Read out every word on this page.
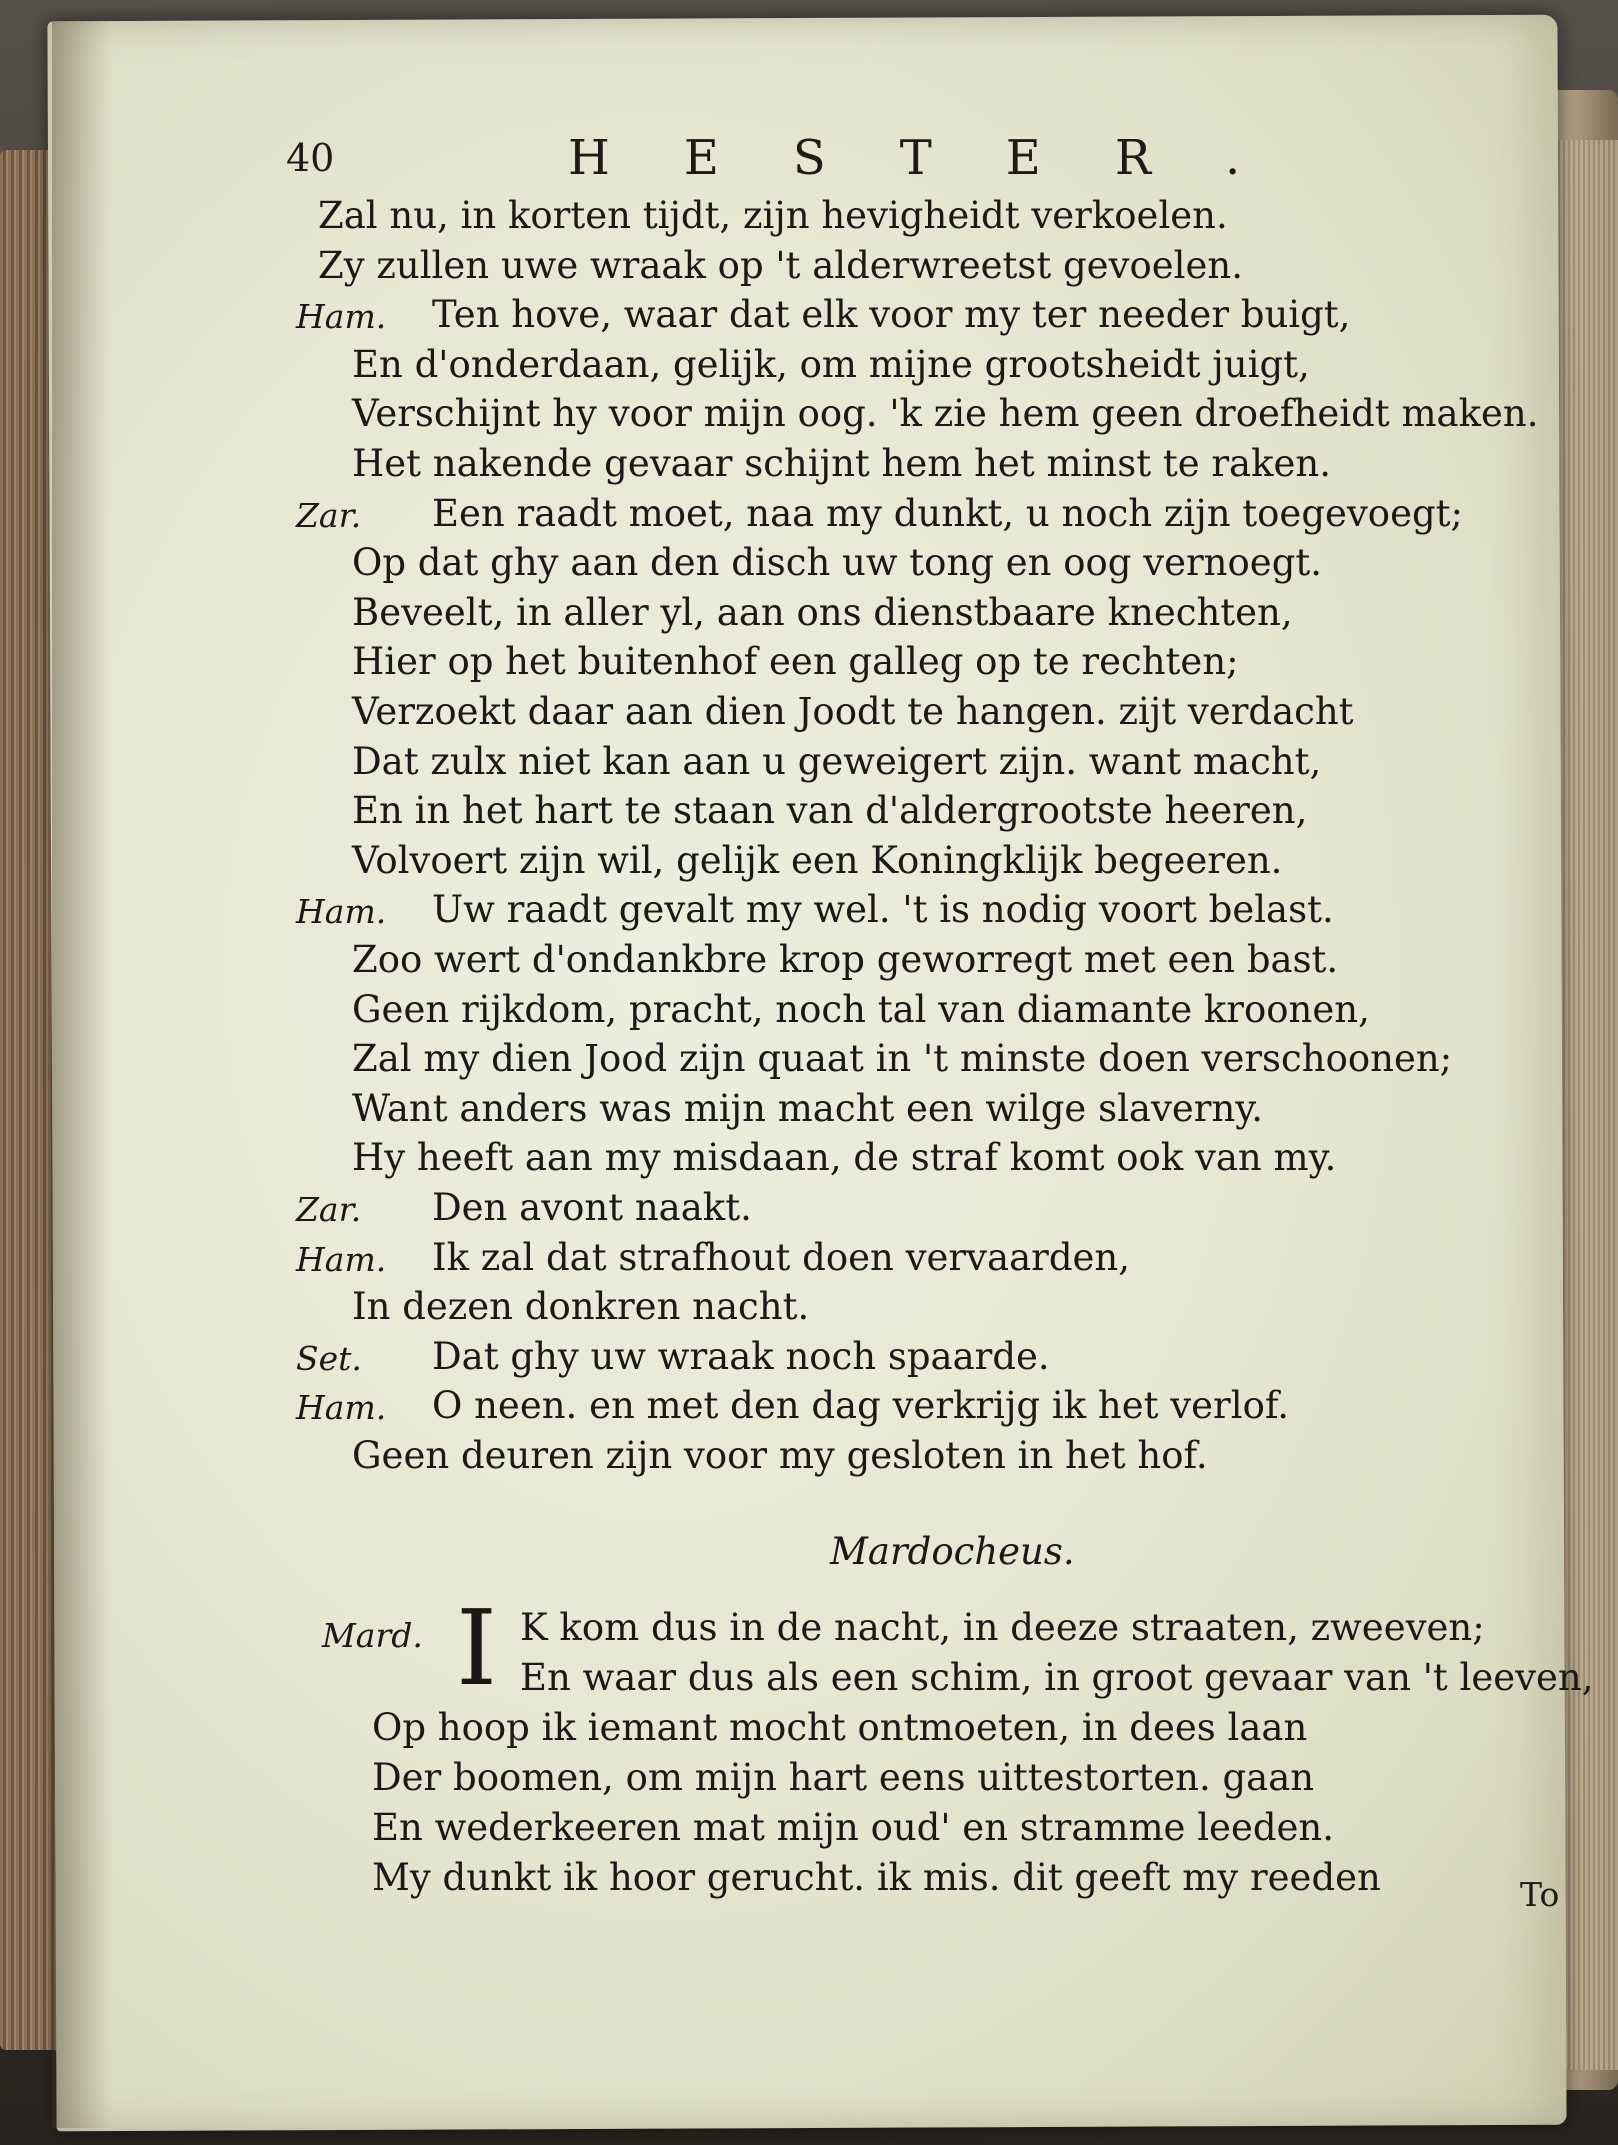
40	HESTER.
Zal nu, in korten tijdt, zijn hevigheidt verkoelen.
Zy zullen uwe wraak op 't alderwreetst gevoelen.
Ham. Ten hove, waar dat elk voor my ter needer buigt,
En d'onderdaan, gelijk, om mijne grootsheidt juigt,
Verschijnt hy voor mijn oog. 'k zie hem geen droefheidt maken.
Het nakende gevaar schijnt hem het minst te raken.
Zar. Een raadt moet, naa my dunkt, u noch zijn toegevoegt;
Op dat ghy aan den disch uw tong en oog vernoegt.
Beveelt, in aller yl, aan ons dienstbaare knechten,
Hier op het buitenhof een galleg op te rechten;
Verzoekt daar aan dien Joodt te hangen. zijt verdacht
Dat zulx niet kan aan u geweigert zijn. want macht,
En in het hart te staan van d'aldergrootste heeren,
Volvoert zijn wil, gelijk een Koningklijk begeeren.
Ham. Uw raadt gevalt my wel. 't is nodig voort belast.
Zoo wert d'ondankbre krop geworregt met een bast.
Geen rijkdom, pracht, noch tal van diamante kroonen,
Zal my dien Jood zijn quaat in 't minste doen verschoonen;
Want anders was mijn macht een wilge slaverny.
Hy heeft aan my misdaan, de straf komt ook van my.
Zar. Den avont naakt.
Ham. Ik zal dat strafhout doen vervaarden,
In dezen donkren nacht.
Set. Dat ghy uw wraak noch spaarde.
Ham. O neen. en met den dag verkrijg ik het verlof.
Geen deuren zijn voor my gesloten in het hof.
Mardocheus.
Mard. I K kom dus in de nacht, in deeze straaten, zweeven;
En waar dus als een schim, in groot gevaar van 't leeven,
Op hoop ik iemant mocht ontmoeten, in dees laan
Der boomen, om mijn hart eens uittestorten. gaan
En wederkeeren mat mijn oud' en stramme leeden.
My dunkt ik hoor gerucht. ik mis. dit geeft my reeden	To
